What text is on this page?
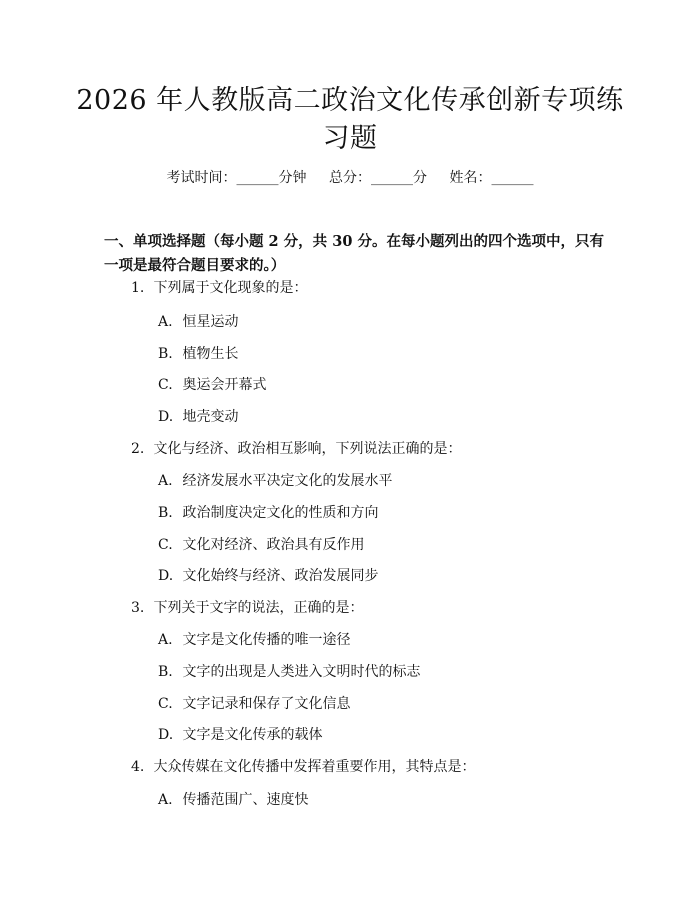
2026 年人教版高二政治文化传承创新专项练习题
考试时间：______分钟 总分：______分 姓名：______
一、单项选择题（每小题 2 分，共 30 分。在每小题列出的四个选项中，只有一项是最符合题目要求的。）
1. 下列属于文化现象的是：
A. 恒星运动
B. 植物生长
C. 奥运会开幕式
D. 地壳变动
2. 文化与经济、政治相互影响，下列说法正确的是：
A. 经济发展水平决定文化的发展水平
B. 政治制度决定文化的性质和方向
C. 文化对经济、政治具有反作用
D. 文化始终与经济、政治发展同步
3. 下列关于文字的说法，正确的是：
A. 文字是文化传播的唯一途径
B. 文字的出现是人类进入文明时代的标志
C. 文字记录和保存了文化信息
D. 文字是文化传承的载体
4. 大众传媒在文化传播中发挥着重要作用，其特点是：
A. 传播范围广、速度快
